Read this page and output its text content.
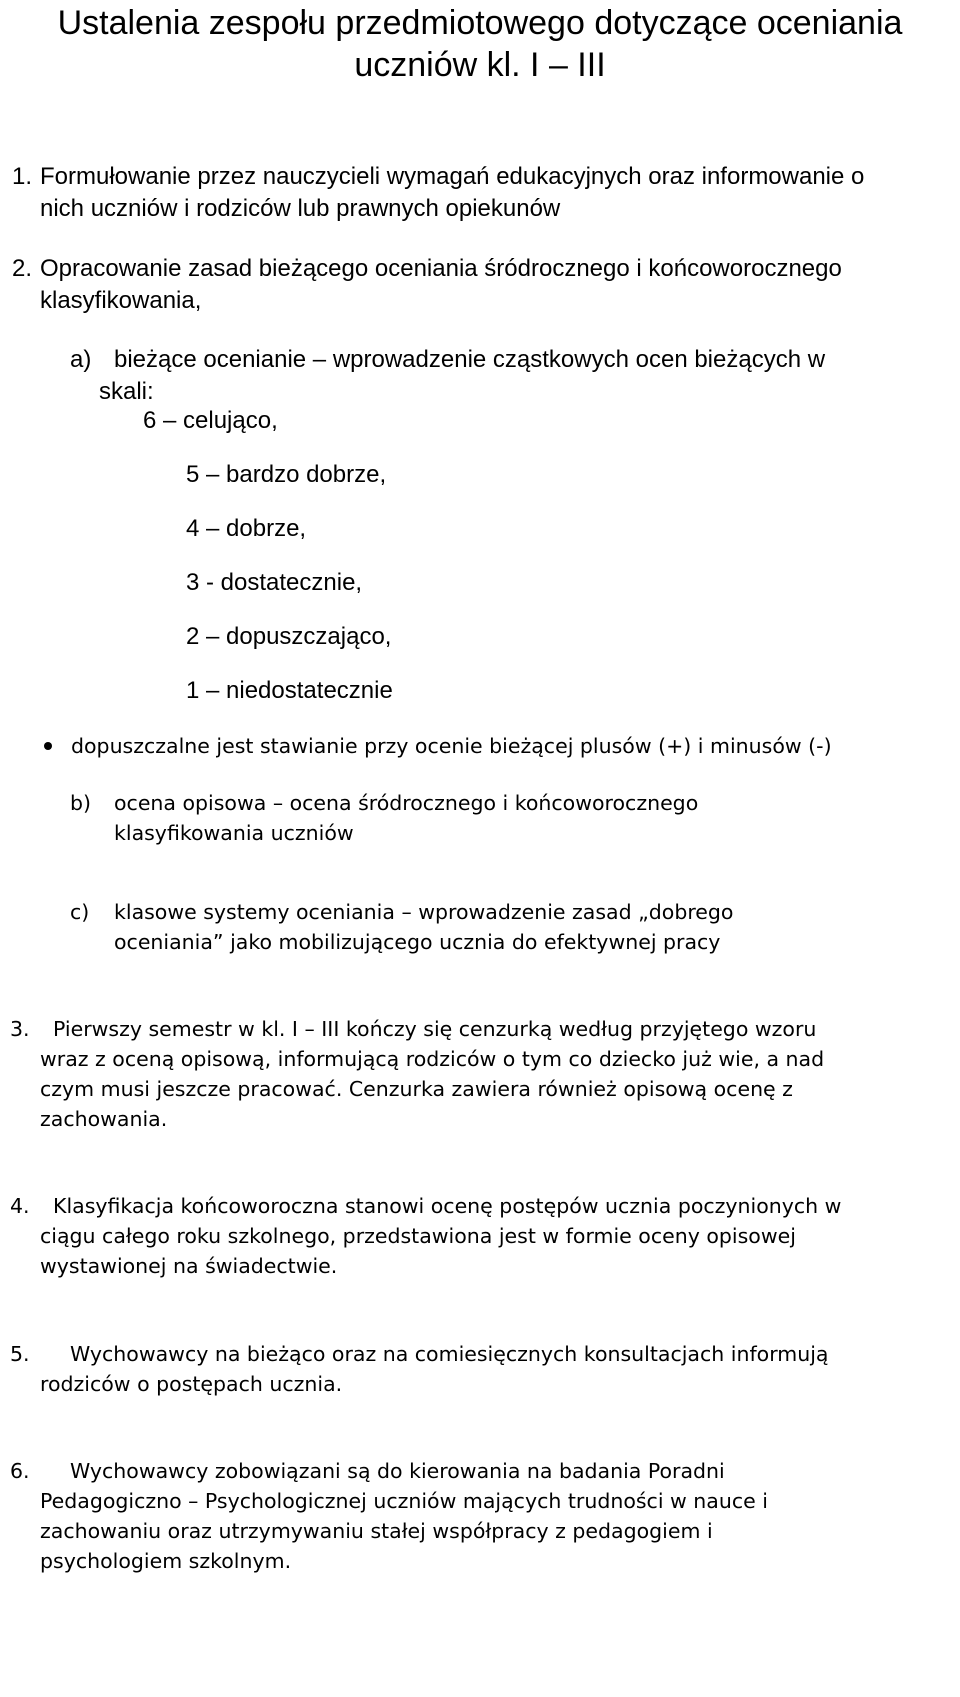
Ustalenia zespołu przedmiotowego dotyczące oceniania
uczniów kl. I – III
1. Formułowanie przez nauczycieli wymagań edukacyjnych oraz informowanie o
nich uczniów i rodziców lub prawnych opiekunów
2. Opracowanie zasad bieżącego oceniania śródrocznego i końcoworocznego
klasyfikowania,
a) bieżące ocenianie – wprowadzenie cząstkowych ocen bieżących w
skali:
6 – celująco,
5 – bardzo dobrze,
4 – dobrze,
3 - dostatecznie,
2 – dopuszczająco,
1 – niedostatecznie
dopuszczalne jest stawianie przy ocenie bieżącej plusów (+) i minusów (-)
b) ocena opisowa – ocena śródrocznego i końcoworocznego
klasyfikowania uczniów
c) klasowe systemy oceniania – wprowadzenie zasad „dobrego
oceniania” jako mobilizującego ucznia do efektywnej pracy
3. Pierwszy semestr w kl. I – III kończy się cenzurką według przyjętego wzoru
wraz z oceną opisową, informującą rodziców o tym co dziecko już wie, a nad
czym musi jeszcze pracować. Cenzurka zawiera również opisową ocenę z
zachowania.
4. Klasyfikacja końcoworoczna stanowi ocenę postępów ucznia poczynionych w
ciągu całego roku szkolnego, przedstawiona jest w formie oceny opisowej
wystawionej na świadectwie.
5. Wychowawcy na bieżąco oraz na comiesięcznych konsultacjach informują
rodziców o postępach ucznia.
6. Wychowawcy zobowiązani są do kierowania na badania Poradni
Pedagogiczno – Psychologicznej uczniów mających trudności w nauce i
zachowaniu oraz utrzymywaniu stałej współpracy z pedagogiem i
psychologiem szkolnym.
